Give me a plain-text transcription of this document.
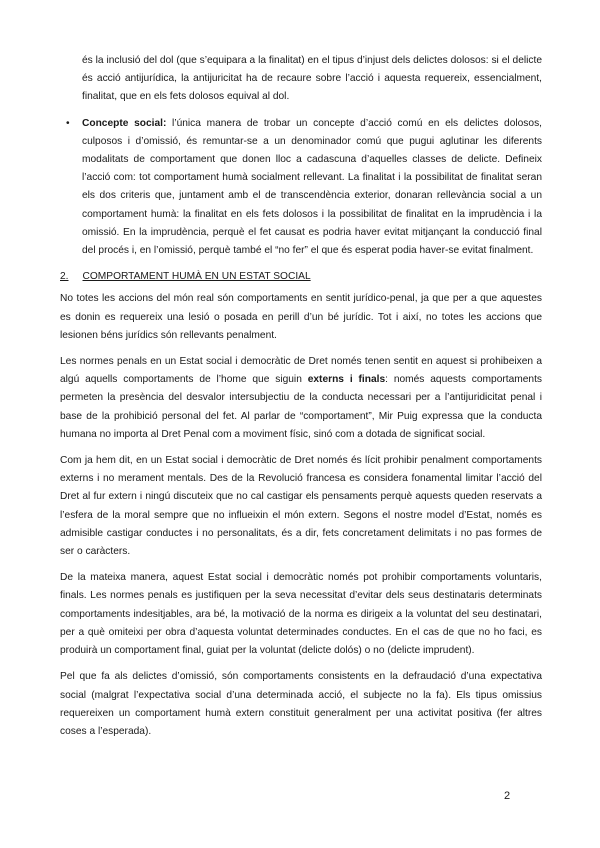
és la inclusió del dol (que s’equipara a la finalitat) en el tipus d’injust dels delictes dolosos: si el delicte és acció antijurídica, la antijuricitat ha de recaure sobre l’acció i aquesta requereix, essencialment, finalitat, que en els fets dolosos equival al dol.

• Concepte social: l’única manera de trobar un concepte d’acció comú en els delictes dolosos, culposos i d’omissió, és remuntar-se a un denominador comú que pugui aglutinar les diferents modalitats de comportament que donen lloc a cadascuna d’aquelles classes de delicte. Defineix l’acció com: tot comportament humà socialment rellevant. La finalitat i la possibilitat de finalitat seran els dos criteris que, juntament amb el de transcendència exterior, donaran rellevància social a un comportament humà: la finalitat en els fets dolosos i la possibilitat de finalitat en la imprudència i la omissió. En la imprudència, perquè el fet causat es podria haver evitat mitjançant la conducció final del procés i, en l’omissió, perquè també el “no fer” el que és esperat podia haver-se evitat finalment.
2. COMPORTAMENT HUMÀ EN UN ESTAT SOCIAL

No totes les accions del món real són comportaments en sentit jurídico-penal, ja que per a que aquestes es donin es requereix una lesió o posada en perill d’un bé jurídic. Tot i així, no totes les accions que lesionen béns jurídics són rellevants penalment.

Les normes penals en un Estat social i democràtic de Dret només tenen sentit en aquest si prohibeixen a algú aquells comportaments de l’home que siguin externs i finals: només aquests comportaments permeten la presència del desvalor intersubjectiu de la conducta necessari per a l’antijuridicitat penal i base de la prohibició personal del fet. Al parlar de “comportament”, Mir Puig expressa que la conducta humana no importa al Dret Penal com a moviment físic, sinó com a dotada de significat social.

Com ja hem dit, en un Estat social i democràtic de Dret només és lícit prohibir penalment comportaments externs i no merament mentals. Des de la Revolució francesa es considera fonamental limitar l’acció del Dret al fur extern i ningú discuteix que no cal castigar els pensaments perquè aquests queden reservats a l’esfera de la moral sempre que no influeixin el món extern. Segons el nostre model d’Estat, només es admisible castigar conductes i no personalitats, és a dir, fets concretament delimitats i no pas formes de ser o caràcters.

De la mateixa manera, aquest Estat social i democràtic només pot prohibir comportaments voluntaris, finals. Les normes penals es justifiquen per la seva necessitat d’evitar dels seus destinataris determinats comportaments indesitjables, ara bé, la motivació de la norma es dirigeix a la voluntat del seu destinatari, per a què omiteixi per obra d’aquesta voluntat determinades conductes. En el cas de que no ho faci, es produirà un comportament final, guiat per la voluntat (delicte dolós) o no (delicte imprudent).

Pel que fa als delictes d’omissió, són comportaments consistents en la defraudació d’una expectativa social (malgrat l’expectativa social d’una determinada acció, el subjecte no la fa). Els tipus omissius requereixen un comportament humà extern constituit generalment per una activitat positiva (fer altres coses a l’esperada).

2
